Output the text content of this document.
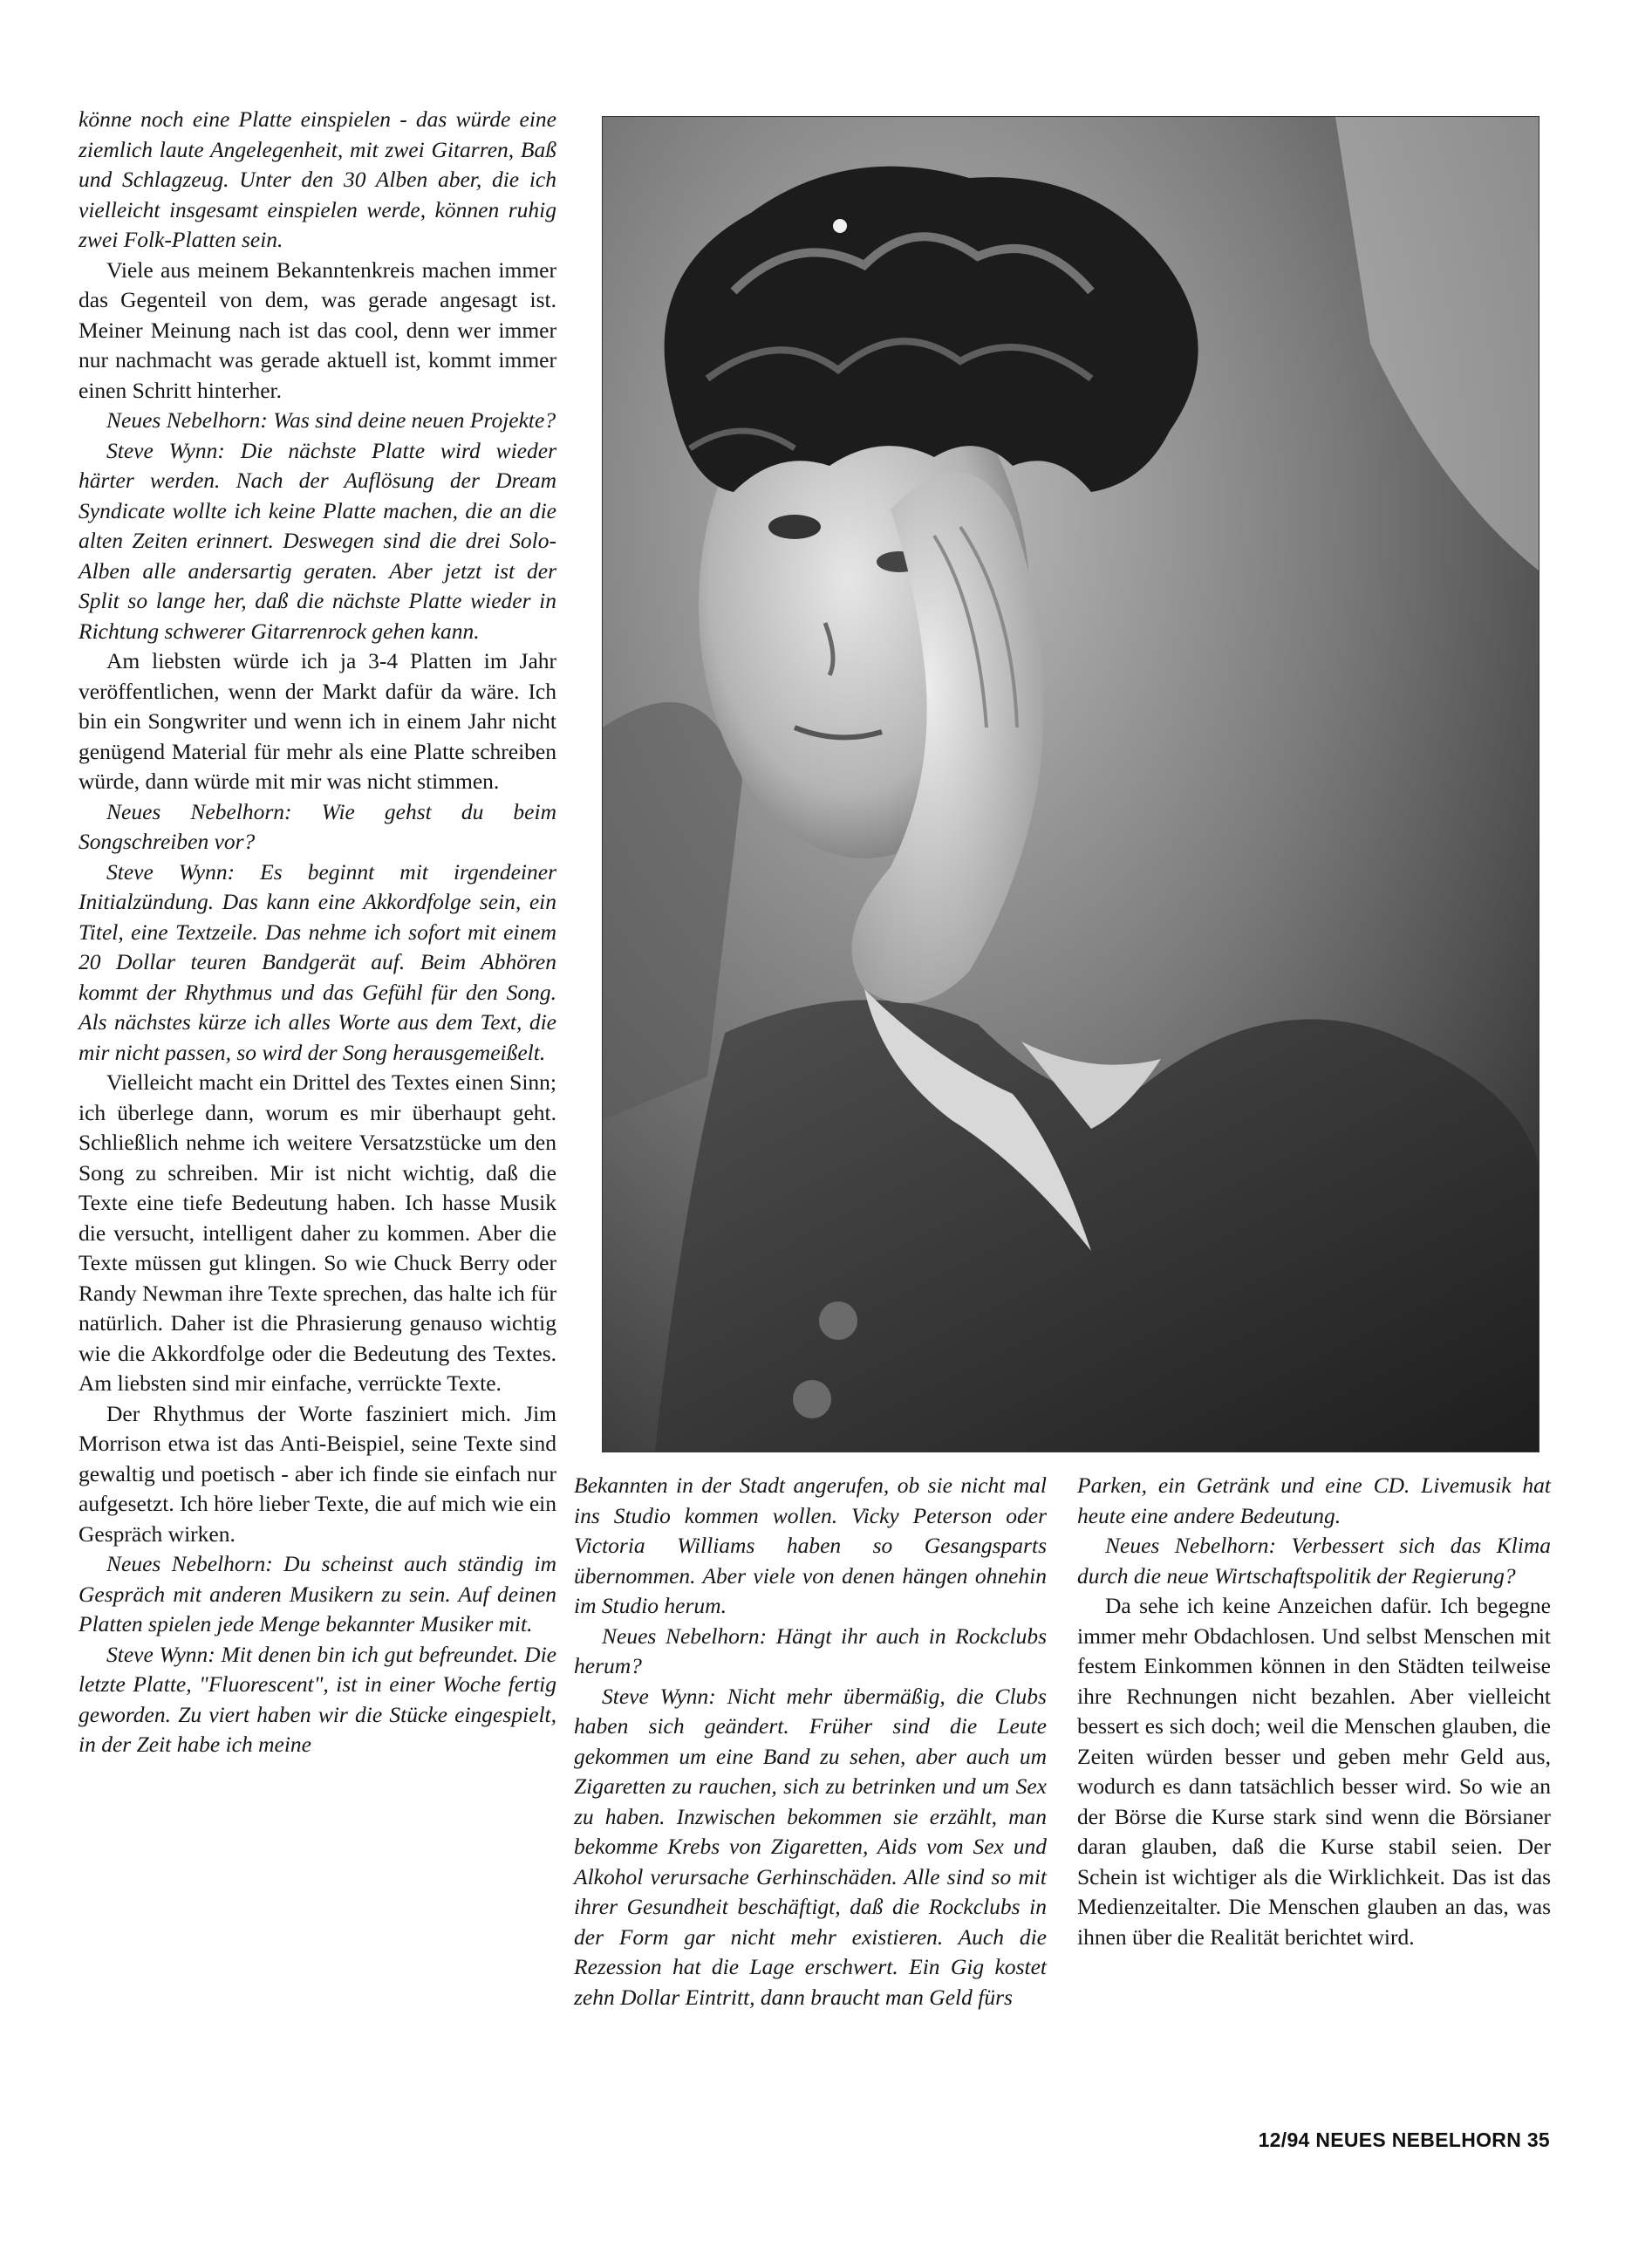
könne noch eine Platte einspielen - das würde eine ziemlich laute Angelegenheit, mit zwei Gitarren, Baß und Schlagzeug. Unter den 30 Alben aber, die ich vielleicht insgesamt einspielen werde, können ruhig zwei Folk-Platten sein.

Viele aus meinem Bekanntenkreis machen immer das Gegenteil von dem, was gerade angesagt ist. Meiner Meinung nach ist das cool, denn wer immer nur nachmacht was gerade aktuell ist, kommt immer einen Schritt hinterher.

Neues Nebelhorn: Was sind deine neuen Projekte?

Steve Wynn: Die nächste Platte wird wieder härter werden. Nach der Auflösung der Dream Syndicate wollte ich keine Platte machen, die an die alten Zeiten erinnert. Deswegen sind die drei Solo-Alben alle andersartig geraten. Aber jetzt ist der Split so lange her, daß die nächste Platte wieder in Richtung schwerer Gitarrenrock gehen kann.

Am liebsten würde ich ja 3-4 Platten im Jahr veröffentlichen, wenn der Markt dafür da wäre. Ich bin ein Songwriter und wenn ich in einem Jahr nicht genügend Material für mehr als eine Platte schreiben würde, dann würde mit mir was nicht stimmen.

Neues Nebelhorn: Wie gehst du beim Songschreiben vor?

Steve Wynn: Es beginnt mit irgendeiner Initialzündung. Das kann eine Akkordfolge sein, ein Titel, eine Textzeile. Das nehme ich sofort mit einem 20 Dollar teuren Bandgerät auf. Beim Abhören kommt der Rhythmus und das Gefühl für den Song. Als nächstes kürze ich alles Worte aus dem Text, die mir nicht passen, so wird der Song herausgemeißelt.

Vielleicht macht ein Drittel des Textes einen Sinn; ich überlege dann, worum es mir überhaupt geht. Schließlich nehme ich weitere Versatzstücke um den Song zu schreiben. Mir ist nicht wichtig, daß die Texte eine tiefe Bedeutung haben. Ich hasse Musik die versucht, intelligent daher zu kommen. Aber die Texte müssen gut klingen. So wie Chuck Berry oder Randy Newman ihre Texte sprechen, das halte ich für natürlich. Daher ist die Phrasierung genauso wichtig wie die Akkordfolge oder die Bedeutung des Textes. Am liebsten sind mir einfache, verrückte Texte.

Der Rhythmus der Worte fasziniert mich. Jim Morrison etwa ist das Anti-Beispiel, seine Texte sind gewaltig und poetisch - aber ich finde sie einfach nur aufgesetzt. Ich höre lieber Texte, die auf mich wie ein Gespräch wirken.

Neues Nebelhorn: Du scheinst auch ständig im Gespräch mit anderen Musikern zu sein. Auf deinen Platten spielen jede Menge bekannter Musiker mit.

Steve Wynn: Mit denen bin ich gut befreundet. Die letzte Platte, "Fluorescent", ist in einer Woche fertig geworden. Zu viert haben wir die Stücke eingespielt, in der Zeit habe ich meine

Bekannten in der Stadt angerufen, ob sie nicht mal ins Studio kommen wollen. Vicky Peterson oder Victoria Williams haben so Gesangsparts übernommen. Aber viele von denen hängen ohnehin im Studio herum.

Neues Nebelhorn: Hängt ihr auch in Rockclubs herum?

Steve Wynn: Nicht mehr übermäßig, die Clubs haben sich geändert. Früher sind die Leute gekommen um eine Band zu sehen, aber auch um Zigaretten zu rauchen, sich zu betrinken und um Sex zu haben. Inzwischen bekommen sie erzählt, man bekomme Krebs von Zigaretten, Aids vom Sex und Alkohol verursache Gerhinschäden. Alle sind so mit ihrer Gesundheit beschäftigt, daß die Rockclubs in der Form gar nicht mehr existieren. Auch die Rezession hat die Lage erschwert. Ein Gig kostet zehn Dollar Eintritt, dann braucht man Geld fürs

Parken, ein Getränk und eine CD. Livemusik hat heute eine andere Bedeutung.

Neues Nebelhorn: Verbessert sich das Klima durch die neue Wirtschaftspolitik der Regierung?

Da sehe ich keine Anzeichen dafür. Ich begegne immer mehr Obdachlosen. Und selbst Menschen mit festem Einkommen können in den Städten teilweise ihre Rechnungen nicht bezahlen. Aber vielleicht bessert es sich doch; weil die Menschen glauben, die Zeiten würden besser und geben mehr Geld aus, wodurch es dann tatsächlich besser wird. So wie an der Börse die Kurse stark sind wenn die Börsianer daran glauben, daß die Kurse stabil seien. Der Schein ist wichtiger als die Wirklichkeit. Das ist das Medienzeitalter. Die Menschen glauben an das, was ihnen über die Realität berichtet wird.

12/94 NEUES NEBELHORN 35
